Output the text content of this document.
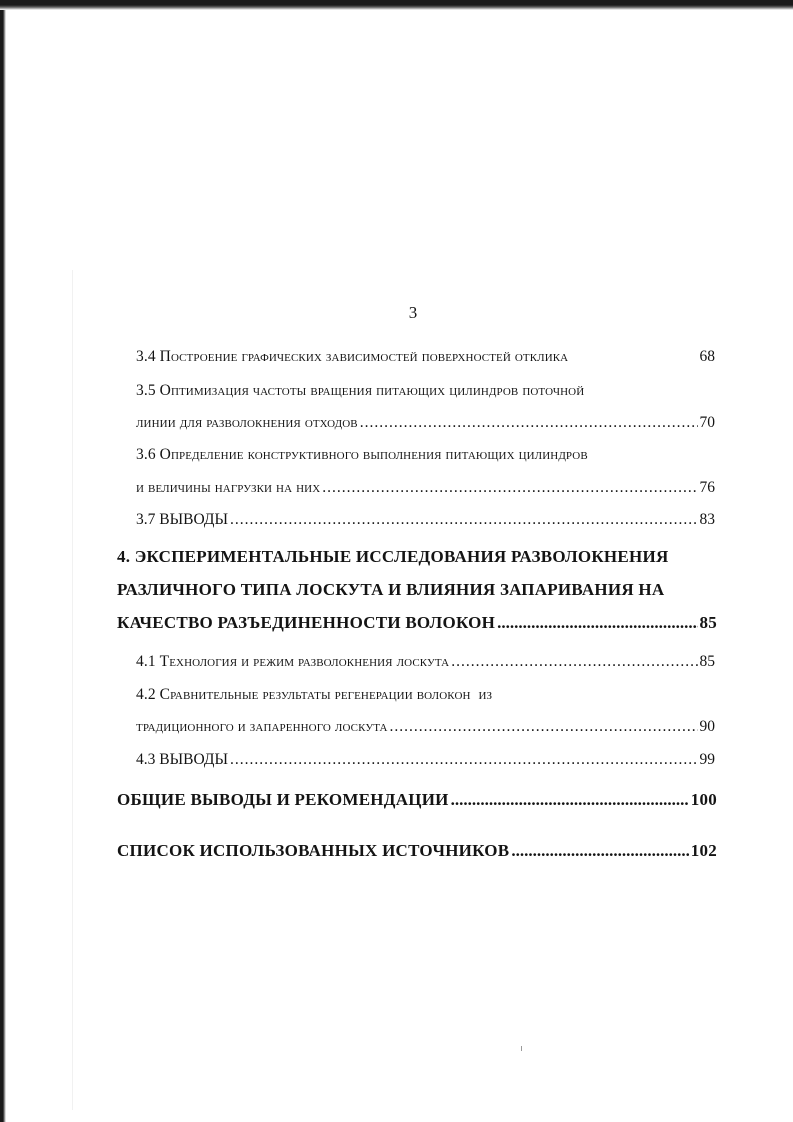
3
3.4 Построение графических зависимостей поверхностей отклика	68
3.5 Оптимизация частоты вращения питающих цилиндров поточной
линии для разволокнения отходов .....	70
3.6 Определение конструктивного выполнения питающих цилиндров
и величины нагрузки на них .....	76
3.7 ВЫВОДЫ .....	83
4. ЭКСПЕРИМЕНТАЛЬНЫЕ ИССЛЕДОВАНИЯ РАЗВОЛОКНЕНИЯ
РАЗЛИЧНОГО ТИПА ЛОСКУТА И ВЛИЯНИЯ ЗАПАРИВАНИЯ НА
КАЧЕСТВО РАЗЪЕДИНЕННОСТИ ВОЛОКОН .....	85
4.1 Технология и режим разволокнения лоскута .....	85
4.2 Сравнительные результаты регенерации волокон  из
традиционного и запаренного лоскута .....	90
4.3 ВЫВОДЫ .....	99
ОБЩИЕ ВЫВОДЫ И РЕКОМЕНДАЦИИ .....	100
СПИСОК ИСПОЛЬЗОВАННЫХ ИСТОЧНИКОВ .....	102
